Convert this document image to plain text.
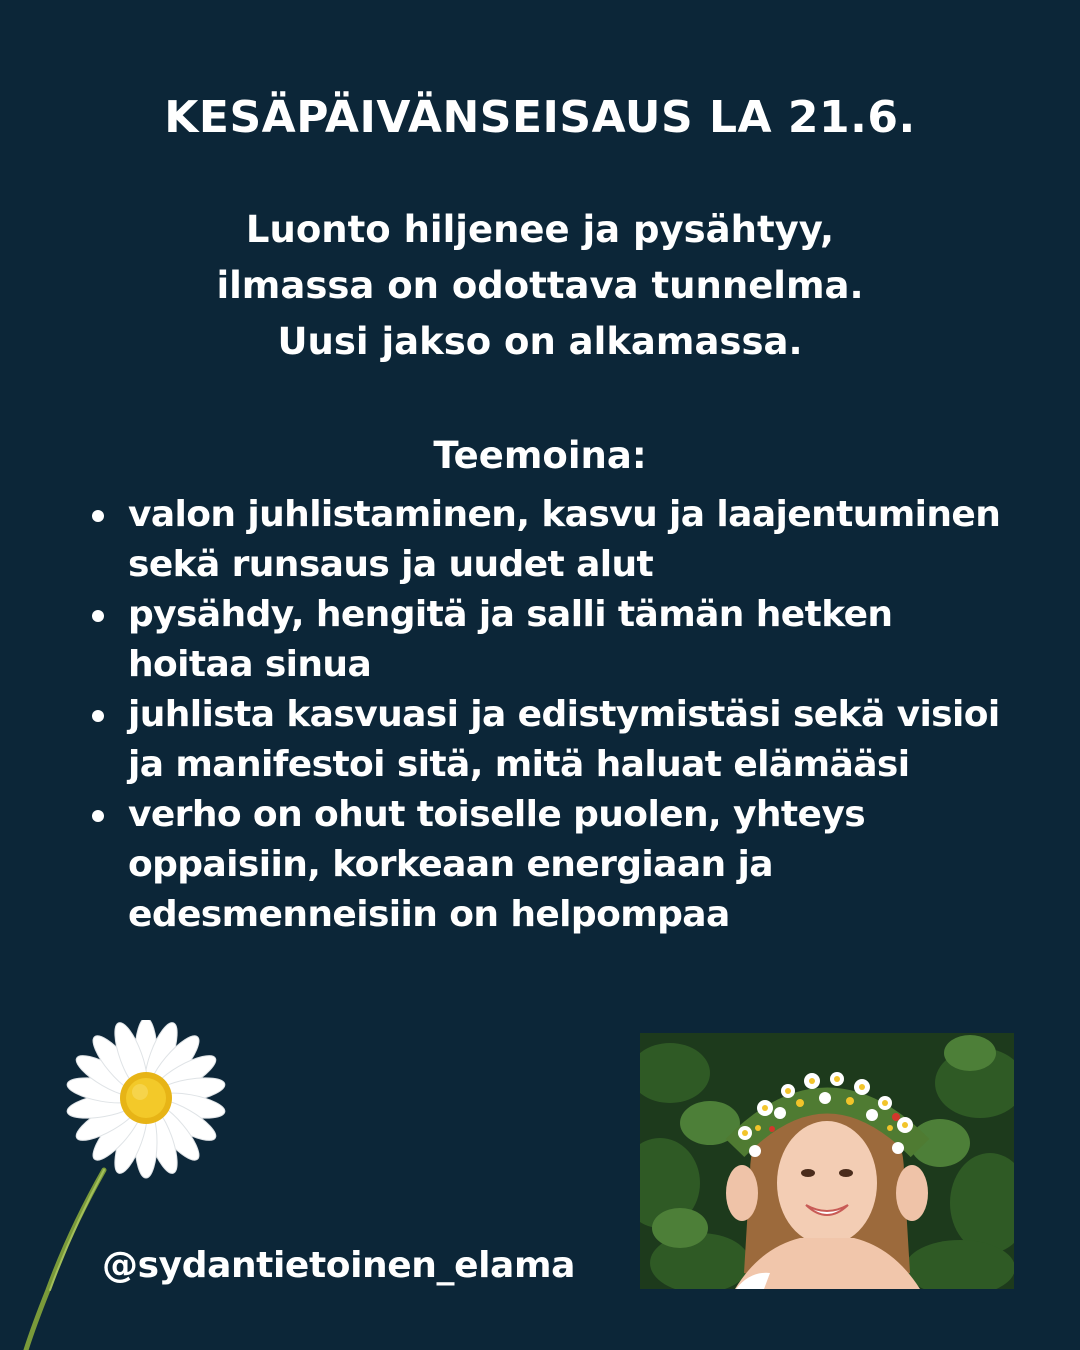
KESÄPÄIVÄNSEISAUS LA 21.6.
Luonto hiljenee ja pysähtyy,
ilmassa on odottava tunnelma.
Uusi jakso on alkamassa.
Teemoina:
valon juhlistaminen, kasvu ja laajentuminen sekä runsaus ja uudet alut
pysähdy, hengitä ja salli tämän hetken hoitaa sinua
juhlista kasvuasi ja edistymistäsi sekä visioi ja manifestoi sitä, mitä haluat elämääsi
verho on ohut toiselle puolen, yhteys oppaisiin, korkeaan energiaan ja edesmenneisiin on helpompaa
@sydantietoinen_elama
